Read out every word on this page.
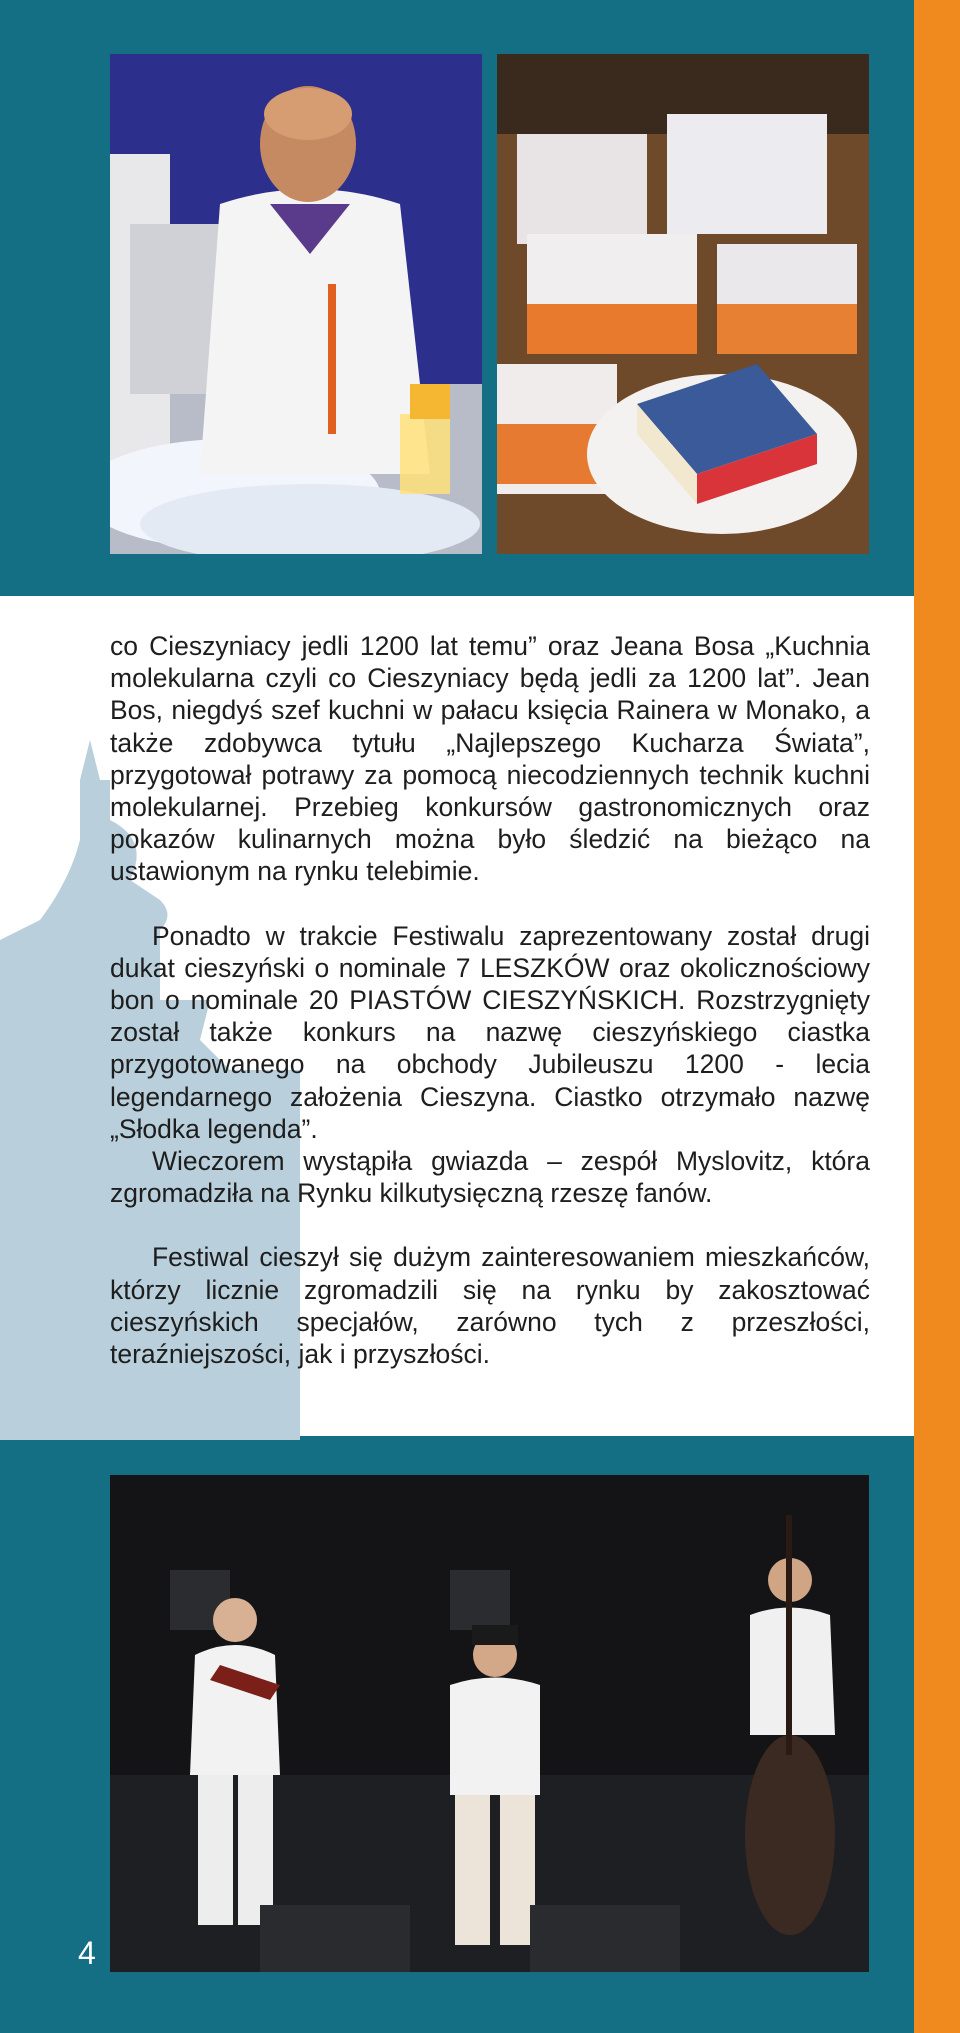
co Cieszyniacy jedli 1200 lat temu” oraz Jeana Bosa „Kuchnia molekularna czyli co Cieszyniacy będą jedli za 1200 lat”. Jean Bos, niegdyś szef kuchni w pałacu księcia Rainera w Monako, a także zdobywca tytułu „Najlepszego Kucharza Świata”, przygotował potrawy za pomocą niecodziennych technik kuchni molekularnej. Przebieg konkursów gastronomicznych oraz pokazów kulinarnych można było śledzić na bieżąco na ustawionym na rynku telebimie.

Ponadto w trakcie Festiwalu zaprezentowany został drugi dukat cieszyński o nominale 7 LESZKÓW oraz okolicznościowy bon o nominale 20 PIASTÓW CIESZYŃSKICH. Rozstrzygnięty został także konkurs na nazwę cieszyńskiego ciastka przygotowanego na obchody Jubileuszu 1200 - lecia legendarnego założenia Cieszyna. Ciastko otrzymało nazwę „Słodka legenda”.

Wieczorem wystąpiła gwiazda – zespół Myslovitz, która zgromadziła na Rynku kilkutysięczną rzeszę fanów.

Festiwal cieszył się dużym zainteresowaniem mieszkańców, którzy licznie zgromadzili się na rynku by zakosztować cieszyńskich specjałów, zarówno tych z przeszłości, teraźniejszości, jak i przyszłości.

4
